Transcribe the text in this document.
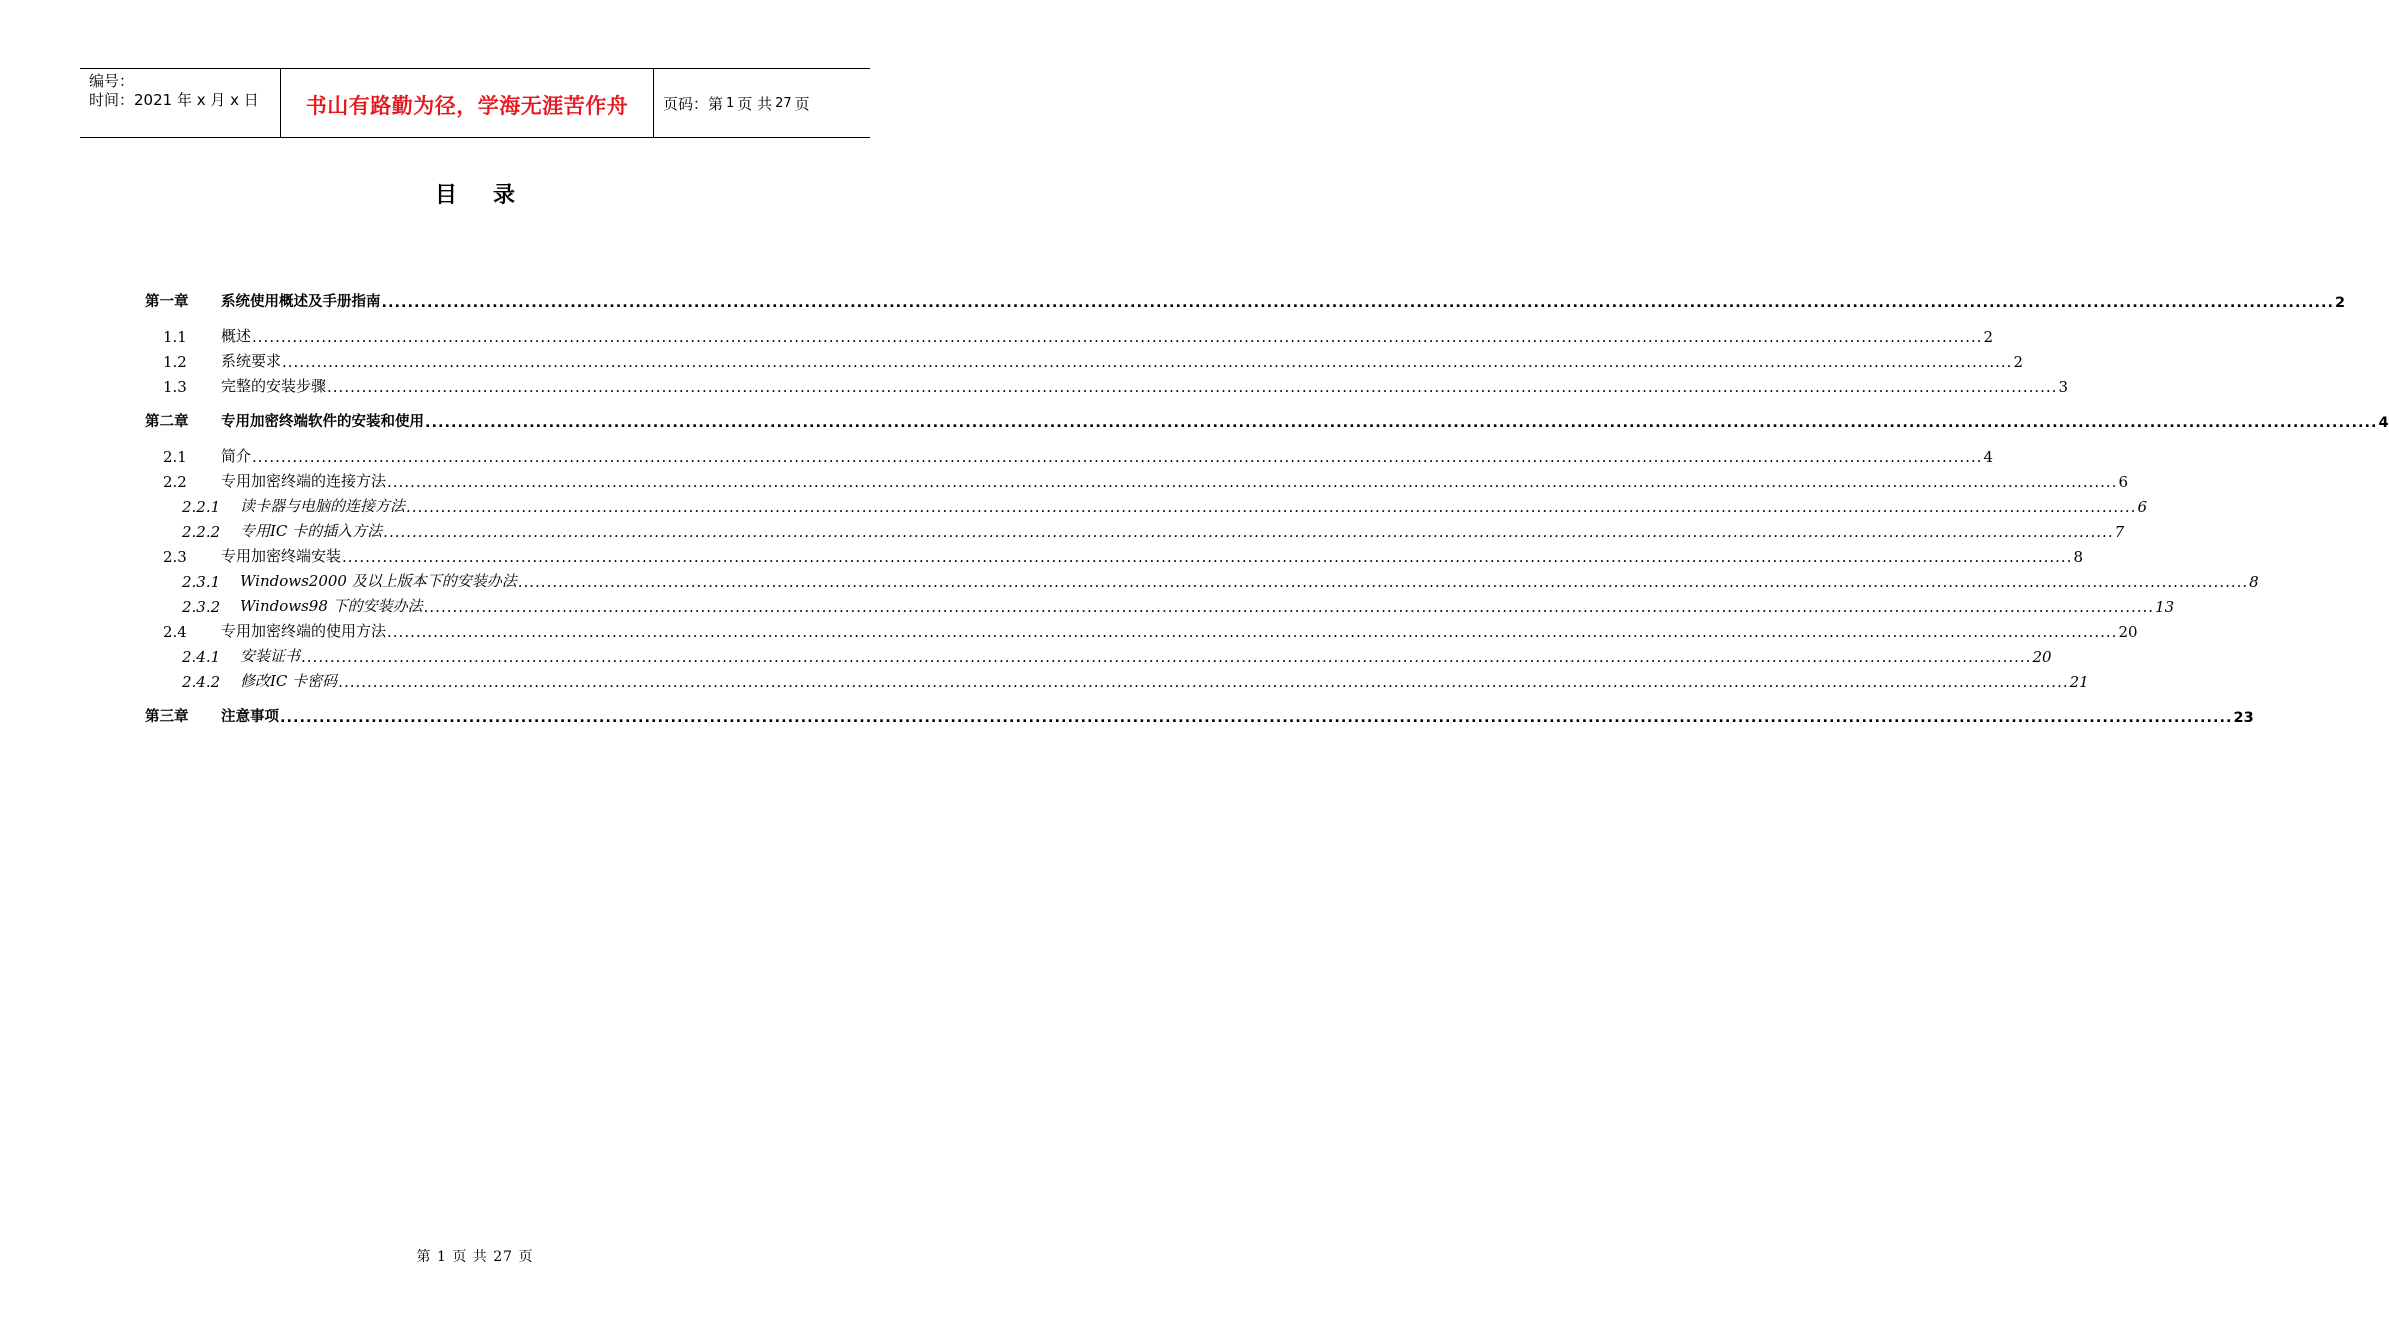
编号：
时间：2021 年 x 月 x 日	书山有路勤为径，学海无涯苦作舟 页码：第 1 页 共 27 页
目 录
第一章	系统使用概述及手册指南 ............................................................................................................................................................................................................................................................................................................ 2
1.1	概述 ............................................................................................................................................................................................................................................................................................................ 2
1.2	系统要求 ............................................................................................................................................................................................................................................................................................................ 2
1.3	完整的安装步骤 ............................................................................................................................................................................................................................................................................................................ 3
第二章	专用加密终端软件的安装和使用 ............................................................................................................................................................................................................................................................................................................ 4
2.1	简介 ............................................................................................................................................................................................................................................................................................................ 4
2.2	专用加密终端的连接方法 ............................................................................................................................................................................................................................................................................................................ 6
2.2.1	读卡器与电脑的连接方法 ............................................................................................................................................................................................................................................................................................................ 6
2.2.2	专用IC 卡的插入方法 ............................................................................................................................................................................................................................................................................................................ 7
2.3	专用加密终端安装 ............................................................................................................................................................................................................................................................................................................ 8
2.3.1	Windows2000 及以上版本下的安装办法 ............................................................................................................................................................................................................................................................................................................ 8
2.3.2	Windows98 下的安装办法 ............................................................................................................................................................................................................................................................................................................ 13
2.4	专用加密终端的使用方法 ............................................................................................................................................................................................................................................................................................................ 20
2.4.1	安装证书 ............................................................................................................................................................................................................................................................................................................ 20
2.4.2	修改IC 卡密码 ............................................................................................................................................................................................................................................................................................................ 21
第三章	注意事项 ............................................................................................................................................................................................................................................................................................................ 23
第 1 页 共 27 页
